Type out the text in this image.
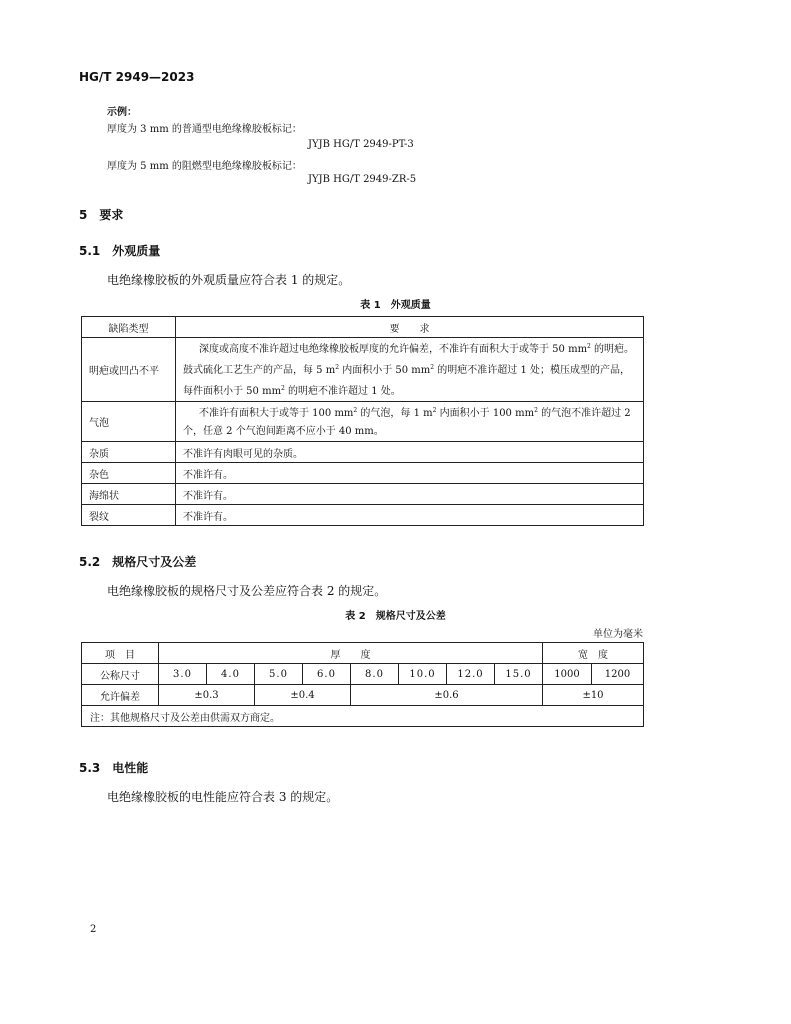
HG/T 2949—2023
示例：
厚度为 3 mm 的普通型电绝缘橡胶板标记：
JYJB HG/T 2949-PT-3
厚度为 5 mm 的阻燃型电绝缘橡胶板标记：
JYJB HG/T 2949-ZR-5
5 要求
5.1 外观质量
电绝缘橡胶板的外观质量应符合表 1 的规定。
表 1　外观质量
缺陷类型	要　　求
明疤或凹凸不平	深度或高度不准许超过电绝缘橡胶板厚度的允许偏差，不准许有面积大于或等于 50 $mm^2$ 的明疤。鼓式硫化工艺生产的产品，每 5 $m^2$ 内面积小于 50 $mm^2$ 的明疤不准许超过 1 处；模压成型的产品，每件面积小于 50 $mm^2$ 的明疤不准许超过 1 处。

气泡	不准许有面积大于或等于 100 $mm^2$ 的气泡，每 1 $m^2$ 内面积小于 100 $mm^2$ 的气泡不准许超过 2 个，任意 2 个气泡间距离不应小于 40 mm。

杂质	不准许有肉眼可见的杂质。
杂色	不准许有。
海绵状	不准许有。
裂纹	不准许有。
5.2 规格尺寸及公差
电绝缘橡胶板的规格尺寸及公差应符合表 2 的规定。
表 2　规格尺寸及公差
单位为毫米
项　目	厚　　度								宽　度	
公称尺寸	3.0	4.0	5.0	6.0	8.0	10.0	12.0	15.0	1000	1200
允许偏差	±0.3		±0.4		±0.6				±10	
注：其他规格尺寸及公差由供需双方商定。										
5.3 电性能
电绝缘橡胶板的电性能应符合表 3 的规定。
2
